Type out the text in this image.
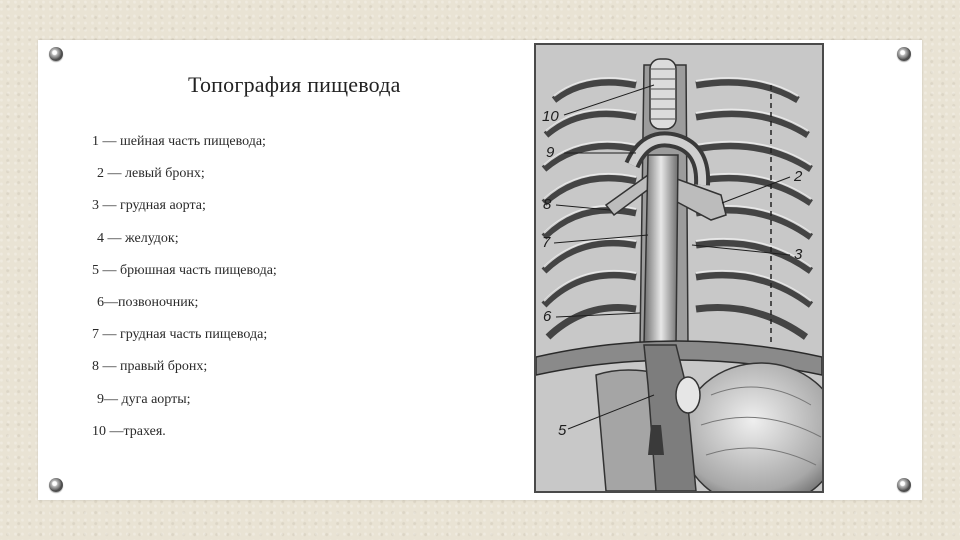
Топография пищевода
1 — шейная часть пищевода;
2 — левый бронх;
3 — грудная аорта;
4 — желудок;
5 — брюшная часть пищевода;
6—позвоночник;
7 — грудная часть пищевода;
8 — правый бронх;
9— дуга аорты;
10 —трахея.
10
9
8
7
6
5
2
3
